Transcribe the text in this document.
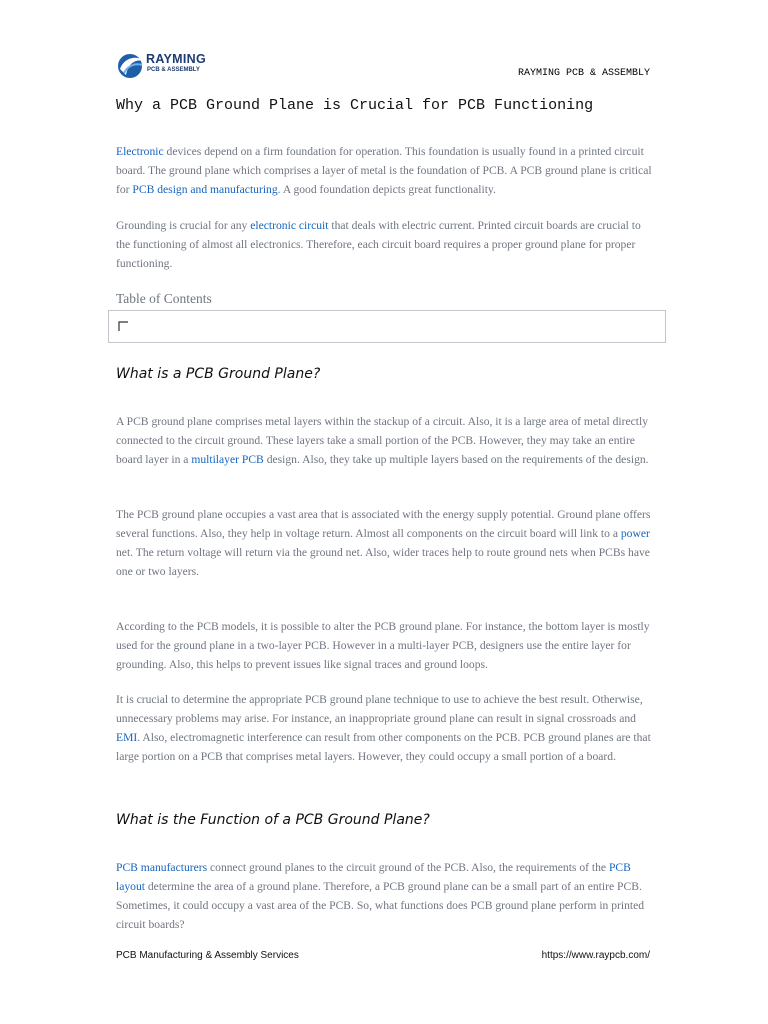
RAYMING
PCB & ASSEMBLY	RAYMING PCB & ASSEMBLY
Why a PCB Ground Plane is Crucial for PCB Functioning

Electronic devices depend on a firm foundation for operation. This foundation is usually found in a printed circuit board. The ground plane which comprises a layer of metal is the foundation of PCB. A PCB ground plane is critical for PCB design and manufacturing. A good foundation depicts great functionality.

Grounding is crucial for any electronic circuit that deals with electric current. Printed circuit boards are crucial to the functioning of almost all electronics. Therefore, each circuit board requires a proper ground plane for proper functioning.

Table of Contents
What is a PCB Ground Plane?

A PCB ground plane comprises metal layers within the stackup of a circuit. Also, it is a large area of metal directly connected to the circuit ground. These layers take a small portion of the PCB. However, they may take an entire board layer in a multilayer PCB design. Also, they take up multiple layers based on the requirements of the design.

The PCB ground plane occupies a vast area that is associated with the energy supply potential. Ground plane offers several functions. Also, they help in voltage return. Almost all components on the circuit board will link to a power net. The return voltage will return via the ground net. Also, wider traces help to route ground nets when PCBs have one or two layers.

According to the PCB models, it is possible to alter the PCB ground plane. For instance, the bottom layer is mostly used for the ground plane in a two-layer PCB. However in a multi-layer PCB, designers use the entire layer for grounding. Also, this helps to prevent issues like signal traces and ground loops.

It is crucial to determine the appropriate PCB ground plane technique to use to achieve the best result. Otherwise, unnecessary problems may arise. For instance, an inappropriate ground plane can result in signal crossroads and EMI. Also, electromagnetic interference can result from other components on the PCB. PCB ground planes are that large portion on a PCB that comprises metal layers. However, they could occupy a small portion of a board.

What is the Function of a PCB Ground Plane?

PCB manufacturers connect ground planes to the circuit ground of the PCB. Also, the requirements of the PCB layout determine the area of a ground plane. Therefore, a PCB ground plane can be a small part of an entire PCB. Sometimes, it could occupy a vast area of the PCB. So, what functions does PCB ground plane perform in printed circuit boards?

PCB Manufacturing & Assembly Services	https://www.raypcb.com/
